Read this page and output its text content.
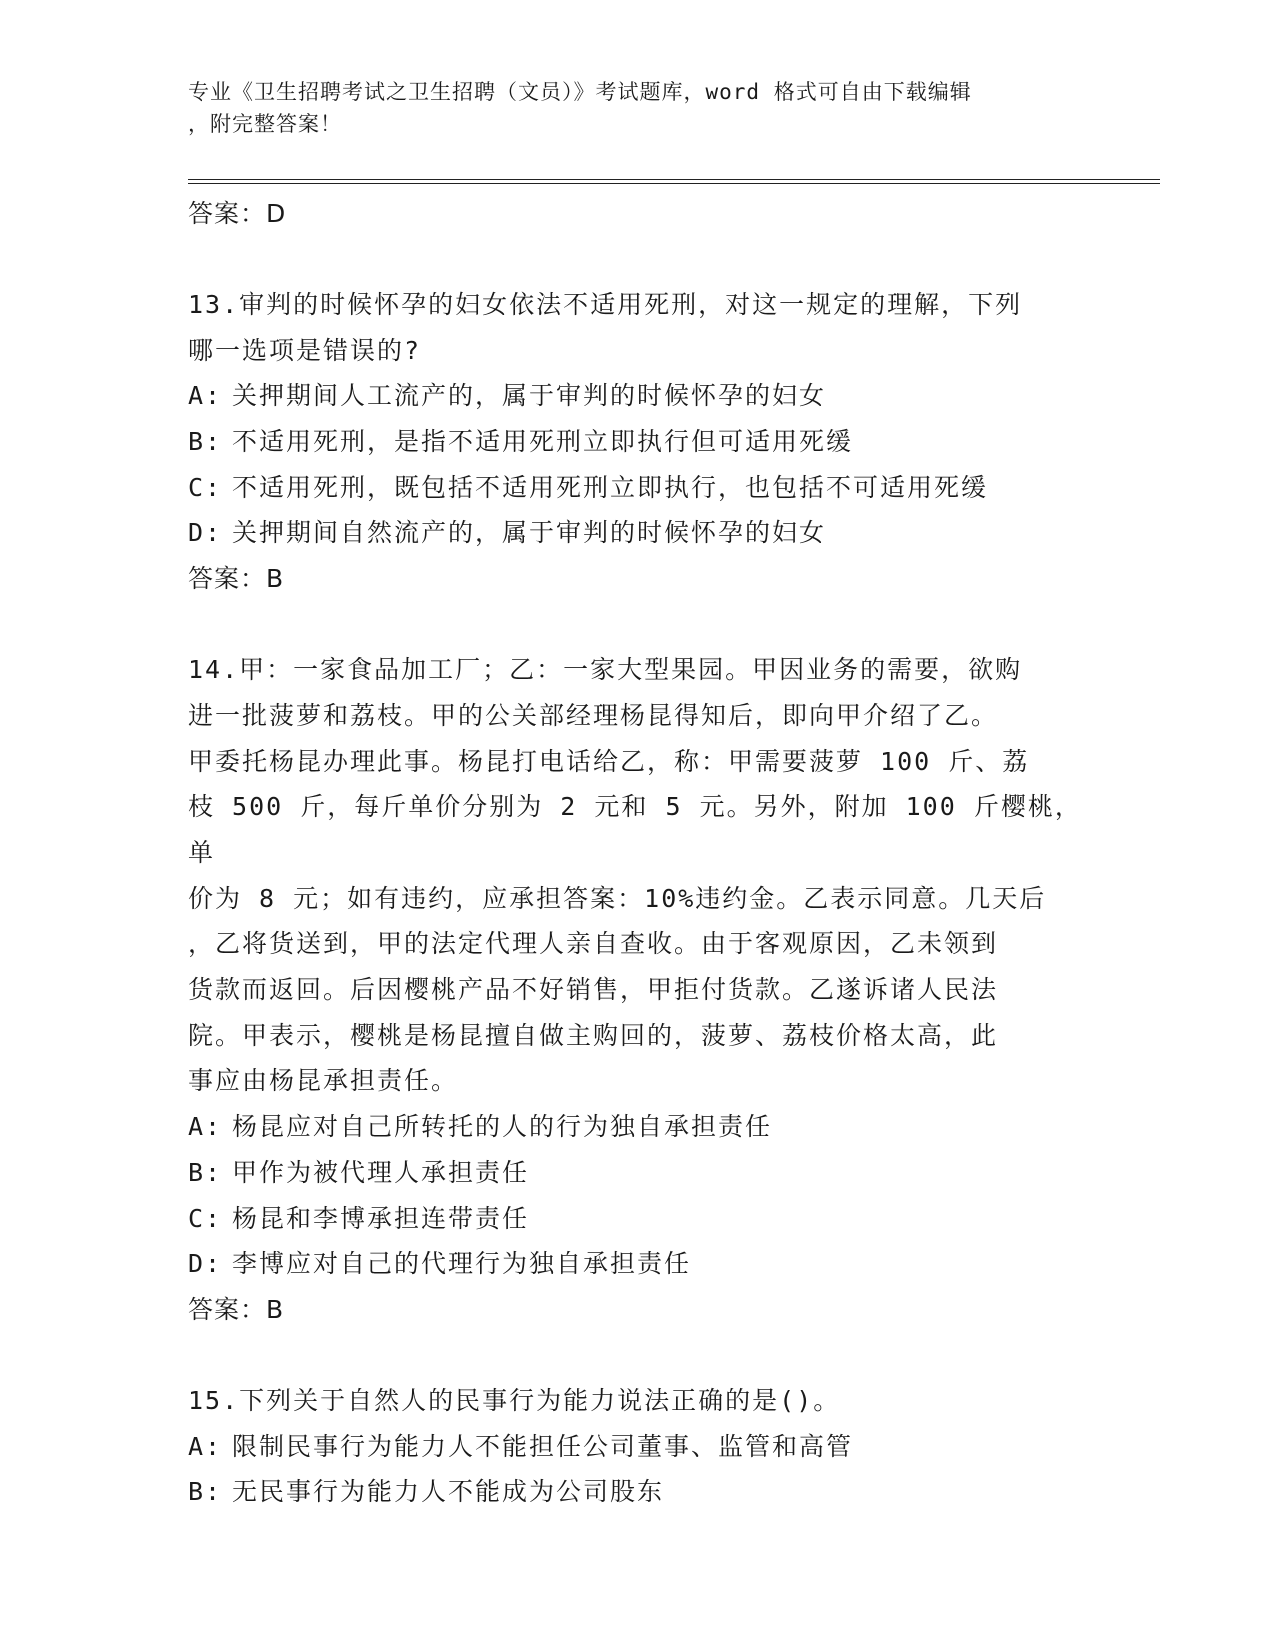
专业《卫生招聘考试之卫生招聘（文员）》考试题库，word 格式可自由下载编辑
，附完整答案！
答案：D
13.审判的时候怀孕的妇女依法不适用死刑，对这一规定的理解，下列
哪一选项是错误的?
A: 关押期间人工流产的，属于审判的时候怀孕的妇女
B: 不适用死刑，是指不适用死刑立即执行但可适用死缓
C: 不适用死刑，既包括不适用死刑立即执行，也包括不可适用死缓
D: 关押期间自然流产的，属于审判的时候怀孕的妇女
答案：B
14.甲：一家食品加工厂；乙：一家大型果园。甲因业务的需要，欲购
进一批菠萝和荔枝。甲的公关部经理杨昆得知后，即向甲介绍了乙。
甲委托杨昆办理此事。杨昆打电话给乙，称：甲需要菠萝 100 斤、荔
枝 500 斤，每斤单价分别为 2 元和 5 元。另外，附加 100 斤樱桃，单
价为 8 元；如有违约，应承担答案：10%违约金。乙表示同意。几天后
，乙将货送到，甲的法定代理人亲自查收。由于客观原因，乙未领到
货款而返回。后因樱桃产品不好销售，甲拒付货款。乙遂诉诸人民法
院。甲表示，樱桃是杨昆擅自做主购回的，菠萝、荔枝价格太高，此
事应由杨昆承担责任。
A: 杨昆应对自己所转托的人的行为独自承担责任
B: 甲作为被代理人承担责任
C: 杨昆和李博承担连带责任
D: 李博应对自己的代理行为独自承担责任
答案：B
15.下列关于自然人的民事行为能力说法正确的是()。
A: 限制民事行为能力人不能担任公司董事、监管和高管
B: 无民事行为能力人不能成为公司股东
